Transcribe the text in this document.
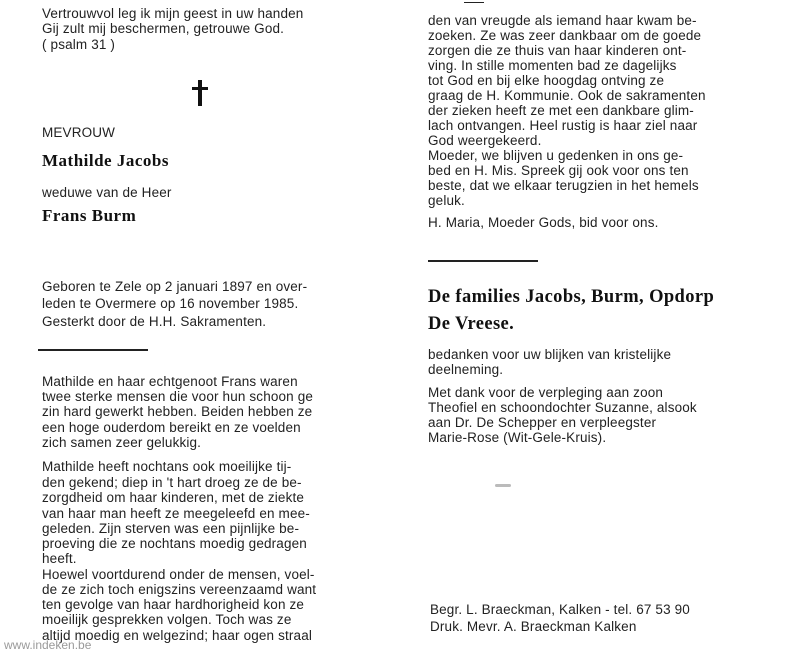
Vertrouwvol leg ik mijn geest in uw handen
Gij zult mij beschermen, getrouwe God.
( psalm 31 )
MEVROUW
Mathilde Jacobs
weduwe van de Heer
Frans Burm
Geboren te Zele op 2 januari 1897 en over-
leden te Overmere op 16 november 1985.
Gesterkt door de H.H. Sakramenten.
Mathilde en haar echtgenoot Frans waren
twee sterke mensen die voor hun schoon ge
zin hard gewerkt hebben. Beiden hebben ze
een hoge ouderdom bereikt en ze voelden
zich samen zeer gelukkig.
Mathilde heeft nochtans ook moeilijke tij-
den gekend; diep in 't hart droeg ze de be-
zorgdheid om haar kinderen, met de ziekte
van haar man heeft ze meegeleefd en mee-
geleden. Zijn sterven was een pijnlijke be-
proeving die ze nochtans moedig gedragen
heeft.
Hoewel voortdurend onder de mensen, voel-
de ze zich toch enigszins vereenzaamd want
ten gevolge van haar hardhorigheid kon ze
moeilijk gesprekken volgen. Toch was ze
altijd moedig en welgezind; haar ogen straal
www.indeken.be
den van vreugde als iemand haar kwam be-
zoeken. Ze was zeer dankbaar om de goede
zorgen die ze thuis van haar kinderen ont-
ving. In stille momenten bad ze dagelijks
tot God en bij elke hoogdag ontving ze
graag de H. Kommunie. Ook de sakramenten
der zieken heeft ze met een dankbare glim-
lach ontvangen. Heel rustig is haar ziel naar
God weergekeerd.
Moeder, we blijven u gedenken in ons ge-
bed en H. Mis. Spreek gij ook voor ons ten
beste, dat we elkaar terugzien in het hemels
geluk.
H. Maria, Moeder Gods, bid voor ons.
De families Jacobs, Burm, Opdorp
De Vreese.
bedanken voor uw blijken van kristelijke
deelneming.
Met dank voor de verpleging aan zoon
Theofiel en schoondochter Suzanne, alsook
aan Dr. De Schepper en verpleegster
Marie-Rose (Wit-Gele-Kruis).
Begr. L. Braeckman, Kalken - tel. 67 53 90
Druk. Mevr. A. Braeckman Kalken
